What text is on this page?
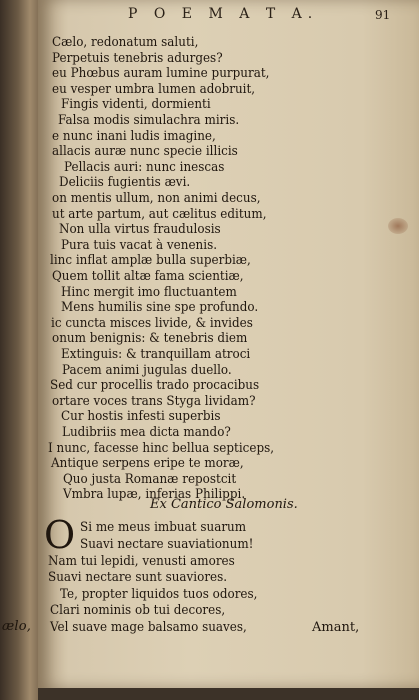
ælo,
P O E M A T A.	91
Cælo, redonatum saluti,
Perpetuis tenebris adurges?
eu Phœbus auram lumine purpurat,
eu vesper umbra lumen adobruit,
Fingis videnti, dormienti
Falsa modis simulachra miris.
e nunc inani ludis imagine,
allacis auræ nunc specie illicis
Pellacis auri: nunc inescas
Deliciis fugientis ævi.
on mentis ullum, non animi decus,
ut arte partum, aut cælitus editum,
Non ulla virtus fraudulosis
Pura tuis vacat à venenis.
linc inflat amplæ bulla superbiæ,
Quem tollit altæ fama scientiæ,
Hinc mergit imo fluctuantem
Mens humilis sine spe profundo.
ic cuncta misces livide, & invides
onum benignis: & tenebris diem
Extinguis: & tranquillam atroci
Pacem animi jugulas duello.
Sed cur procellis trado procacibus
ortare voces trans Styga lividam?
Cur hostis infesti superbis
Ludibriis mea dicta mando?
I nunc, facesse hinc bellua septiceps,
Antique serpens eripe te moræ,
Quo justa Romanæ repostcit
Vmbra lupæ, inferias Philippi.
Si me meus imbuat suarum
Suavi nectare suaviationum!
Nam tui lepidi, venusti amores
Suavi nectare sunt suaviores.
Te, propter liquidos tuos odores,
Clari nominis ob tui decores,
Vel suave mage balsamo suaves,
Ex Cantico Salomonis.
O
Amant,
